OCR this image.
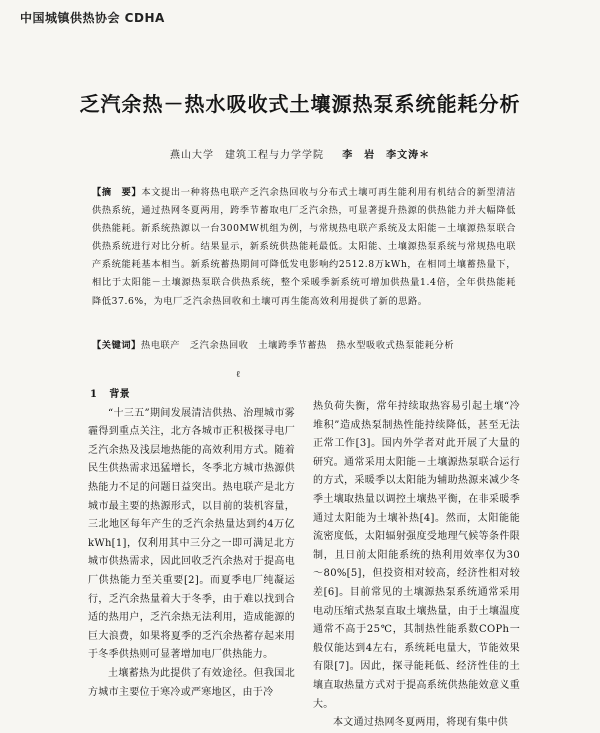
中国城镇供热协会 CDHA
乏汽余热－热水吸收式土壤源热泵系统能耗分析
燕山大学　建筑工程与力学学院 李　岩　李文涛＊
【摘　要】本文提出一种将热电联产乏汽余热回收与分布式土壤可再生能利用有机结合的新型清洁供热系统，通过热网冬夏两用，跨季节蓄取电厂乏汽余热，可显著提升热源的供热能力并大幅降低供热能耗。新系统热源以一台300MW机组为例，与常规热电联产系统及太阳能－土壤源热泵联合供热系统进行对比分析。结果显示，新系统供热能耗最低。太阳能、土壤源热泵系统与常规热电联产系统能耗基本相当。新系统蓄热期间可降低发电影响约2512.8万kWh，在相同土壤蓄热量下，相比于太阳能－土壤源热泵联合供热系统，整个采暖季新系统可增加供热量1.4倍，全年供热能耗降低37.6%，为电厂乏汽余热回收和土壤可再生能高效利用提供了新的思路。
【关键词】热电联产　乏汽余热回收　土壤跨季节蓄热　热水型吸收式热泵能耗分析
ℓ

1 背景

“十三五”期间发展清洁供热、治理城市雾霾得到重点关注，北方各城市正积极探寻电厂乏汽余热及浅层地热能的高效利用方式。随着民生供热需求迅猛增长，冬季北方城市热源供热能力不足的问题日益突出。热电联产是北方城市最主要的热源形式，以目前的装机容量，三北地区每年产生的乏汽余热量达到约4万亿kWh[1]，仅利用其中三分之一即可满足北方城市供热需求，因此回收乏汽余热对于提高电厂供热能力至关重要[2]。而夏季电厂纯凝运行，乏汽余热量着大于冬季，由于难以找到合适的热用户，乏汽余热无法利用，造成能源的巨大浪费，如果将夏季的乏汽余热蓄存起来用于冬季供热则可显著增加电厂供热能力。

土壤蓄热为此提供了有效途径。但我国北方城市主要位于寒冷或严寒地区，由于冷

热负荷失衡，常年持续取热容易引起土壤“冷堆积”造成热泵制热性能持续降低，甚至无法正常工作[3]。国内外学者对此开展了大量的研究。通常采用太阳能－土壤源热泵联合运行的方式，采暖季以太阳能为辅助热源来减少冬季土壤取热量以调控土壤热平衡，在非采暖季通过太阳能为土壤补热[4]。然而，太阳能能流密度低，太阳辐射强度受地理气候等条件限制，且日前太阳能系统的热利用效率仅为30～80%[5]，但投资相对较高，经济性相对较差[6]。目前常见的土壤源热泵系统通常采用电动压缩式热泵直取土壤热量，由于土壤温度通常不高于25℃，其制热性能系数COPh一般仅能达到4左右，系统耗电量大，节能效果有限[7]。因此，探寻能耗低、经济性佳的土壤直取热量方式对于提高系统供热能效意义重大。

本文通过热网冬夏两用，将现有集中供
